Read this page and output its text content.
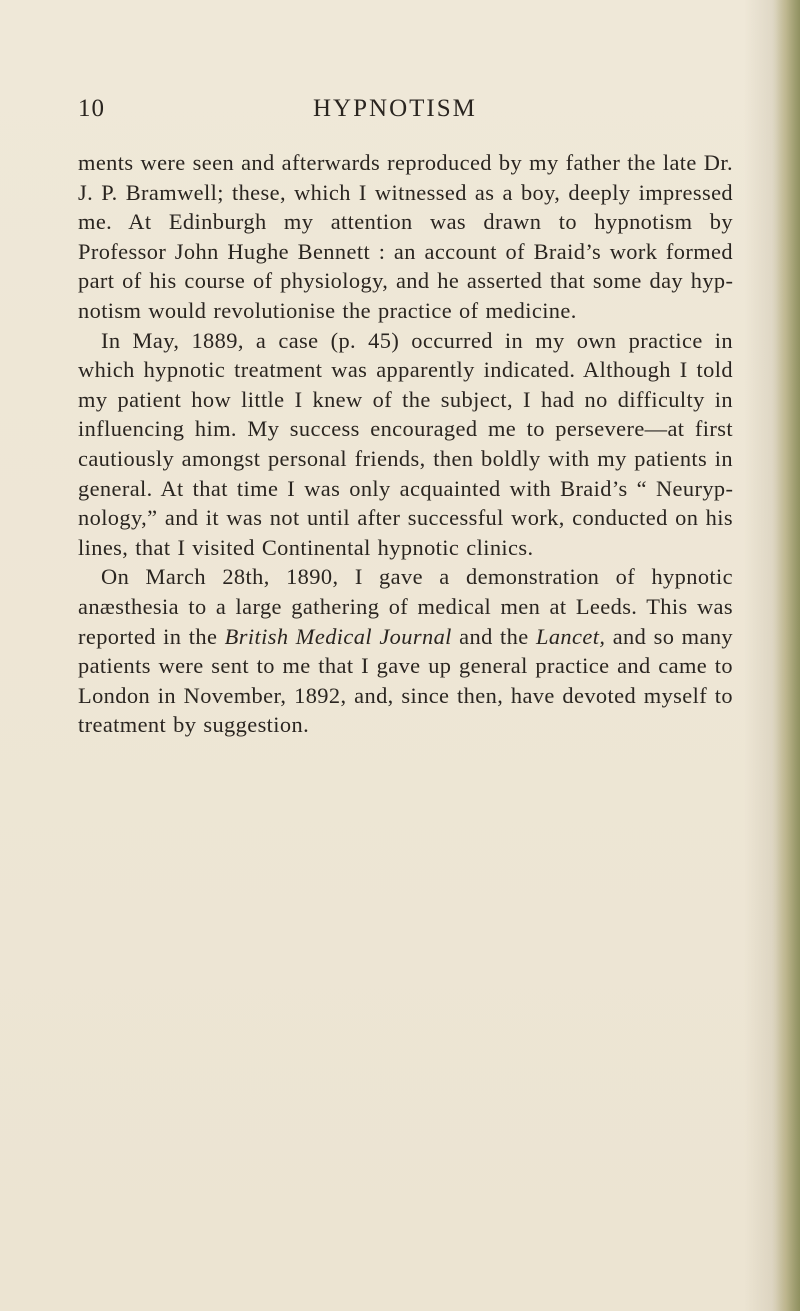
10	HYPNOTISM

ments were seen and afterwards reproduced by my father the late Dr. J. P. Bramwell; these, which I witnessed as a boy, deeply impressed me. At Edinburgh my attention was drawn to hypnotism by Professor John Hughe Bennett : an account of Braid’s work formed part of his course of physiology, and he asserted that some day hypnotism would revolutionise the practice of medicine.

In May, 1889, a case (p. 45) occurred in my own practice in which hypnotic treatment was apparently indicated. Although I told my patient how little I knew of the subject, I had no difficulty in influencing him. My success encouraged me to persevere—at first cautiously amongst personal friends, then boldly with my patients in general. At that time I was only acquainted with Braid’s “ Neurypnology,” and it was not until after successful work, conducted on his lines, that I visited Continental hypnotic clinics.

On March 28th, 1890, I gave a demonstration of hypnotic anæsthesia to a large gathering of medical men at Leeds. This was reported in the British Medical Journal and the Lancet, and so many patients were sent to me that I gave up general practice and came to London in November, 1892, and, since then, have devoted myself to treatment by suggestion.
